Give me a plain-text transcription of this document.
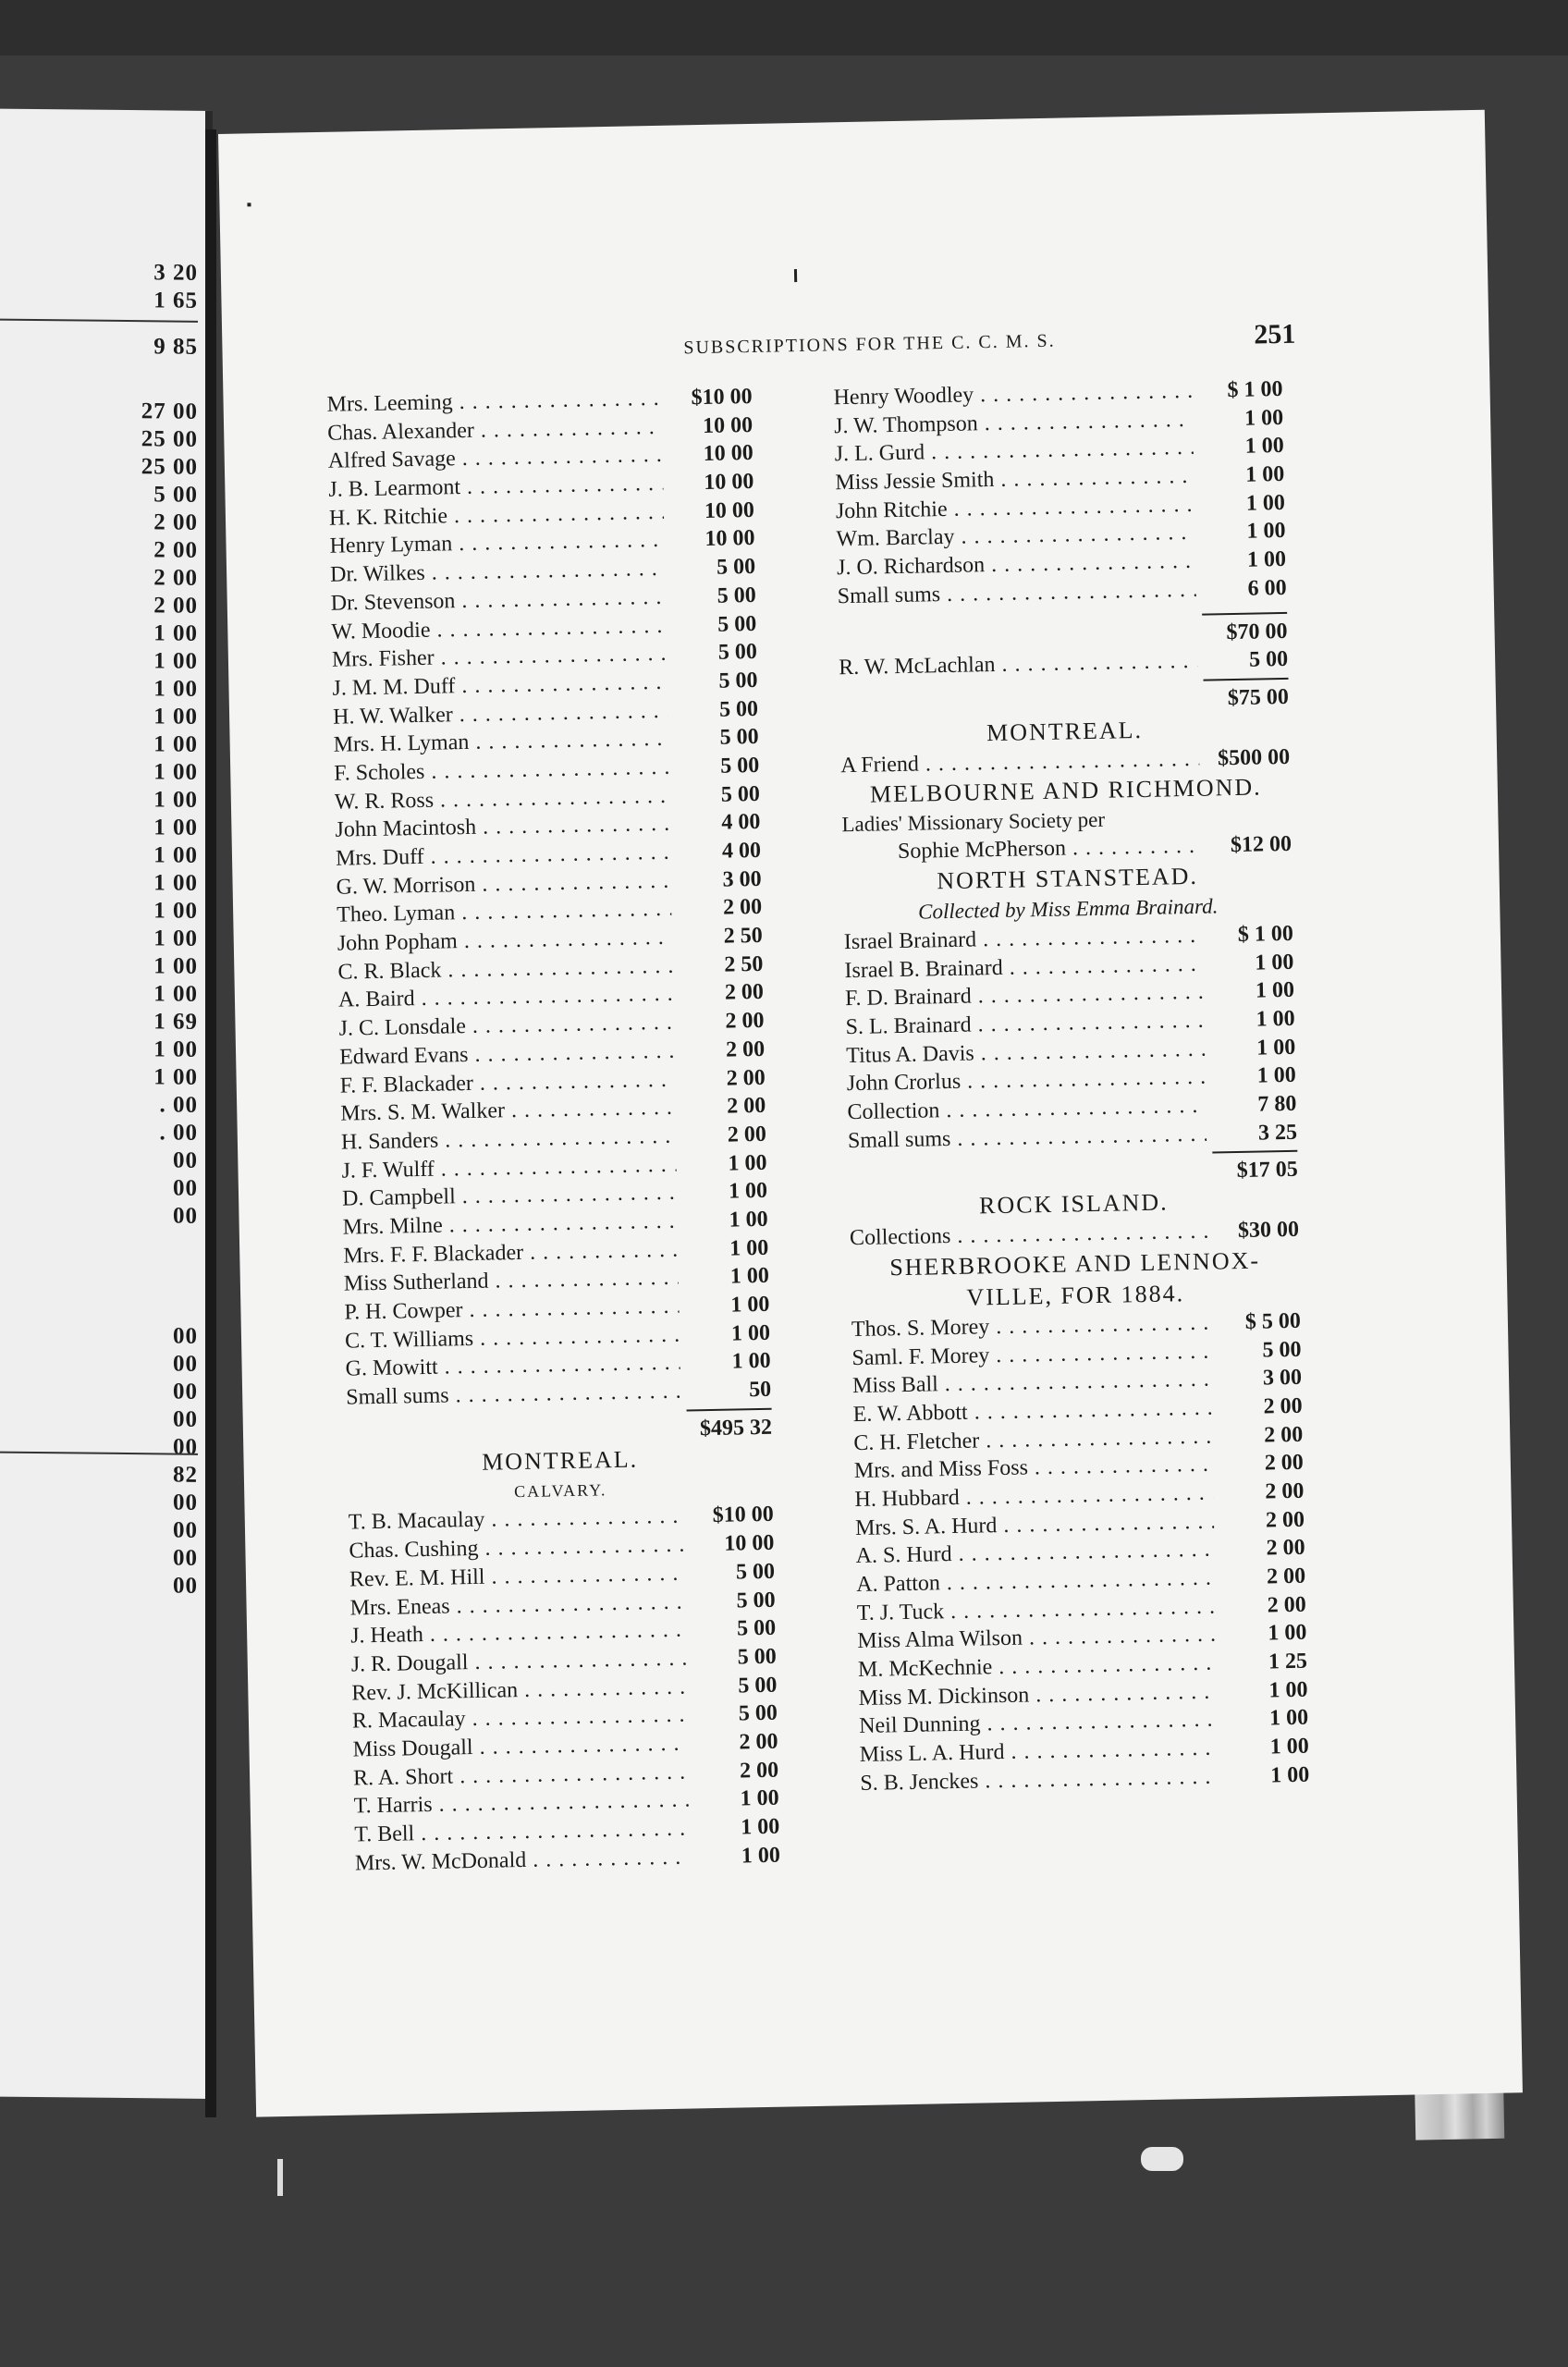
3 20
1 65
9 85
27 00
25 00
25 00
5 00
2 00
2 00
2 00
2 00
1 00
1 00
1 00
1 00
1 00
1 00
1 00
1 00
1 00
1 00
1 00
1 00
1 00
1 00
1 69
1 00
1 00
. 00
. 00
00
00
00
00
00
00
00
00
82
00
00
00
00
SUBSCRIPTIONS FOR THE C. C. M. S.	251
Mrs. Leeming . . .	$10 00
Chas. Alexander . . .	10 00
Alfred Savage . . .	10 00
J. B. Learmont . . .	10 00
H. K. Ritchie . . .	10 00
Henry Lyman . . .	10 00
Dr. Wilkes . . .	5 00
Dr. Stevenson . . .	5 00
W. Moodie . . .	5 00
Mrs. Fisher . . .	5 00
J. M. M. Duff . . .	5 00
H. W. Walker . . .	5 00
Mrs. H. Lyman . . .	5 00
F. Scholes . . .	5 00
W. R. Ross . . .	5 00
John Macintosh . . .	4 00
Mrs. Duff . . .	4 00
G. W. Morrison . . .	3 00
Theo. Lyman . . .	2 00
John Popham . . .	2 50
C. R. Black . . .	2 50
A. Baird . . .	2 00
J. C. Lonsdale . . .	2 00
Edward Evans . . .	2 00
F. F. Blackader . . .	2 00
Mrs. S. M. Walker . . .	2 00
H. Sanders . . .	2 00
J. F. Wulff . . .	1 00
D. Campbell . . .	1 00
Mrs. Milne . . .	1 00
Mrs. F. F. Blackader . . .	1 00
Miss Sutherland . . .	1 00
P. H. Cowper . . .	1 00
C. T. Williams . . .	1 00
G. Mowitt . . .	1 00
Small sums . . .	50
$495 32
MONTREAL.
CALVARY.
T. B. Macaulay . . .	$10 00
Chas. Cushing . . .	10 00
Rev. E. M. Hill . . .	5 00
Mrs. Eneas . . .	5 00
J. Heath . . .	5 00
J. R. Dougall . . .	5 00
Rev. J. McKillican . . .	5 00
R. Macaulay . . .	5 00
Miss Dougall . . .	2 00
R. A. Short . . .	2 00
T. Harris . . .	1 00
T. Bell . . .	1 00
Mrs. W. McDonald . . .	1 00
Henry Woodley . . .	$ 1 00
J. W. Thompson . . .	1 00
J. L. Gurd . . .	1 00
Miss Jessie Smith . . .	1 00
John Ritchie . . .	1 00
Wm. Barclay . . .	1 00
J. O. Richardson . . .	1 00
Small sums . . .	6 00
$70 00
R. W. McLachlan . . .	5 00
$75 00
MONTREAL.
A Friend . . .	$500 00
MELBOURNE AND RICHMOND.
Ladies' Missionary Society per
Sophie McPherson . . .	$12 00
NORTH STANSTEAD.
Collected by Miss Emma Brainard.
Israel Brainard . . .	$ 1 00
Israel B. Brainard . . .	1 00
F. D. Brainard . . .	1 00
S. L. Brainard . . .	1 00
Titus A. Davis . . .	1 00
John Crorlus . . .	1 00
Collection . . .	7 80
Small sums . . .	3 25
$17 05
ROCK ISLAND.
Collections . . .	$30 00
SHERBROOKE AND LENNOX-
VILLE, FOR 1884.
Thos. S. Morey . . .	$ 5 00
Saml. F. Morey . . .	5 00
Miss Ball . . .	3 00
E. W. Abbott . . .	2 00
C. H. Fletcher . . .	2 00
Mrs. and Miss Foss . . .	2 00
H. Hubbard . . .	2 00
Mrs. S. A. Hurd . . .	2 00
A. S. Hurd . . .	2 00
A. Patton . . .	2 00
T. J. Tuck . . .	2 00
Miss Alma Wilson . . .	1 00
M. McKechnie . . .	1 25
Miss M. Dickinson . . .	1 00
Neil Dunning . . .	1 00
Miss L. A. Hurd . . .	1 00
S. B. Jenckes . . .	1 00
